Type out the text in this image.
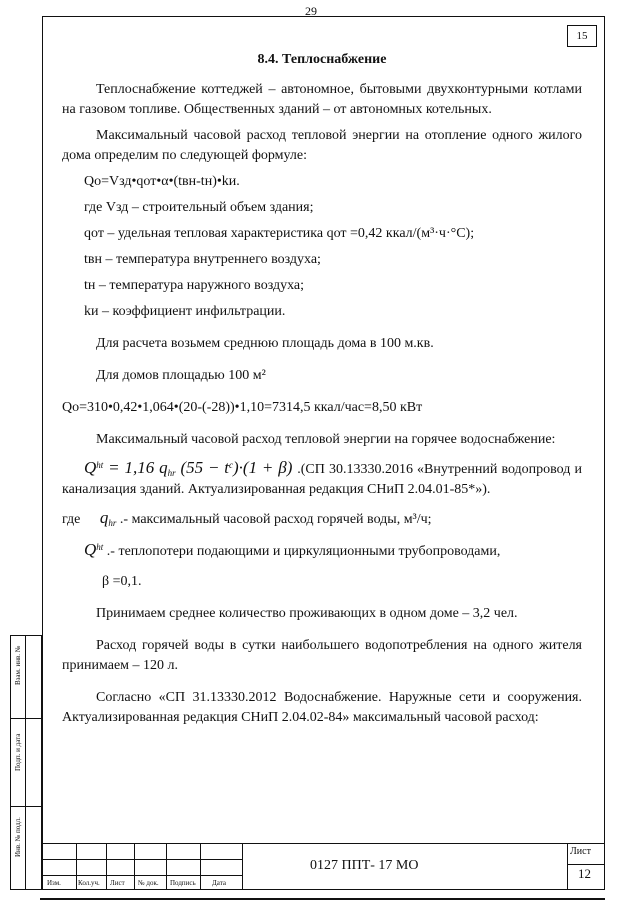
29
15
8.4. Теплоснабжение
Теплоснабжение коттеджей – автономное, бытовыми двухконтурными котлами на газовом топливе. Общественных зданий – от автономных котельных.
Максимальный часовой расход тепловой энергии на отопление одного жилого дома определим по следующей формуле:
Qо=Vзд•qот•α•(tвн-tн)•kи.
где Vзд – строительный объем здания;
qот – удельная тепловая характеристика qот =0,42 ккал/(м³·ч·°С);
tвн – температура внутреннего воздуха;
tн – температура наружного воздуха;
kи – коэффициент инфильтрации.
Для расчета возьмем среднюю площадь дома в 100 м.кв.
Для домов площадью 100 м²
Qо=310•0,42•1,064•(20-(-28))•1,10=7314,5 ккал/час=8,50 кВт
Максимальный часовой расход тепловой энергии на горячее водоснабжение:
$Q^{ht} = 1,16$ $q_{hr}$ $(55 - t^c)\cdot(1 + \beta)$ .(СП 30.13330.2016 «Внутренний водопровод и канализация зданий. Актуализированная редакция СНиП 2.04.01-85*»).
где $q_{hr}$ .- максимальный часовой расход горячей воды, м³/ч;
$Q^{ht}$ .- теплопотери подающими и циркуляционными трубопроводами,
β =0,1.
Принимаем среднее количество проживающих в одном доме – 3,2 чел.
Расход горячей воды в сутки наибольшего водопотребления на одного жителя принимаем – 120 л.
Согласно «СП 31.13330.2012 Водоснабжение. Наружные сети и сооружения. Актуализированная редакция СНиП 2.04.02-84» максимальный часовой расход:
Взам. инв. №
Подп. и дата
Инв. № подл.
Изм. Кол.уч. Лист № док. Подпись Дата
0127 ППТ- 17 МО
Лист
12
